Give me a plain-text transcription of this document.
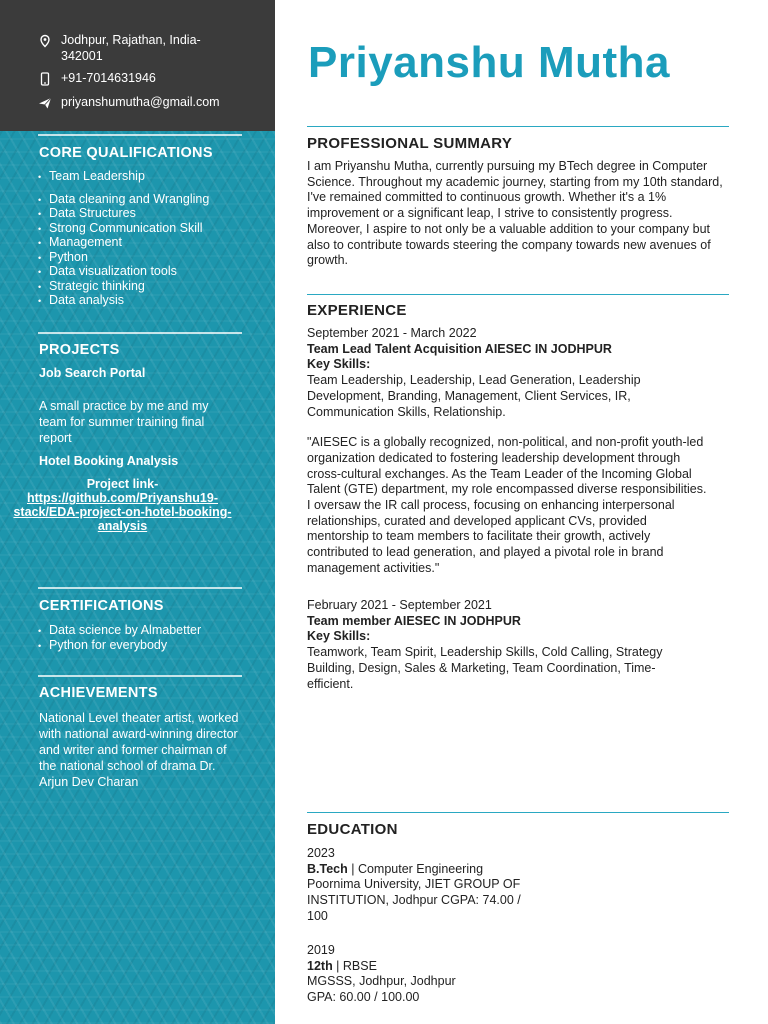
Jodhpur, Rajathan, India-342001
+91-7014631946
priyanshumutha@gmail.com
CORE QUALIFICATIONS
• Team Leadership
• Data cleaning and Wrangling
• Data Structures
• Strong Communication Skill
• Management
• Python
• Data visualization tools
• Strategic thinking
• Data analysis
PROJECTS
Job Search Portal
A small practice by me and my team for summer training final report
Hotel Booking Analysis
Project link-
https://github.com/Priyanshu19-stack/EDA-project-on-hotel-booking-analysis
CERTIFICATIONS
• Data science by Almabetter
• Python for everybody
ACHIEVEMENTS
National Level theater artist, worked with national award-winning director and writer and former chairman of the national school of drama Dr. Arjun Dev Charan
Priyanshu Mutha
PROFESSIONAL SUMMARY
I am Priyanshu Mutha, currently pursuing my BTech degree in Computer Science. Throughout my academic journey, starting from my 10th standard, I've remained committed to continuous growth. Whether it's a 1% improvement or a significant leap, I strive to consistently progress. Moreover, I aspire to not only be a valuable addition to your company but also to contribute towards steering the company towards new avenues of growth.
EXPERIENCE
September 2021 - March 2022
Team Lead Talent Acquisition AIESEC IN JODHPUR
Key Skills:
Team Leadership, Leadership, Lead Generation, Leadership Development, Branding, Management, Client Services, IR, Communication Skills, Relationship.
"AIESEC is a globally recognized, non-political, and non-profit youth-led organization dedicated to fostering leadership development through cross-cultural exchanges. As the Team Leader of the Incoming Global Talent (GTE) department, my role encompassed diverse responsibilities. I oversaw the IR call process, focusing on enhancing interpersonal relationships, curated and developed applicant CVs, provided mentorship to team members to facilitate their growth, actively contributed to lead generation, and played a pivotal role in brand management activities."
February 2021 - September 2021
Team member AIESEC IN JODHPUR
Key Skills:
Teamwork, Team Spirit, Leadership Skills, Cold Calling, Strategy Building, Design, Sales & Marketing, Team Coordination, Time-efficient.
EDUCATION
2023
B.Tech | Computer Engineering
Poornima University, JIET GROUP OF INSTITUTION, Jodhpur CGPA: 74.00 / 100
2019
12th | RBSE
MGSSS, Jodhpur, Jodhpur
GPA: 60.00 / 100.00
